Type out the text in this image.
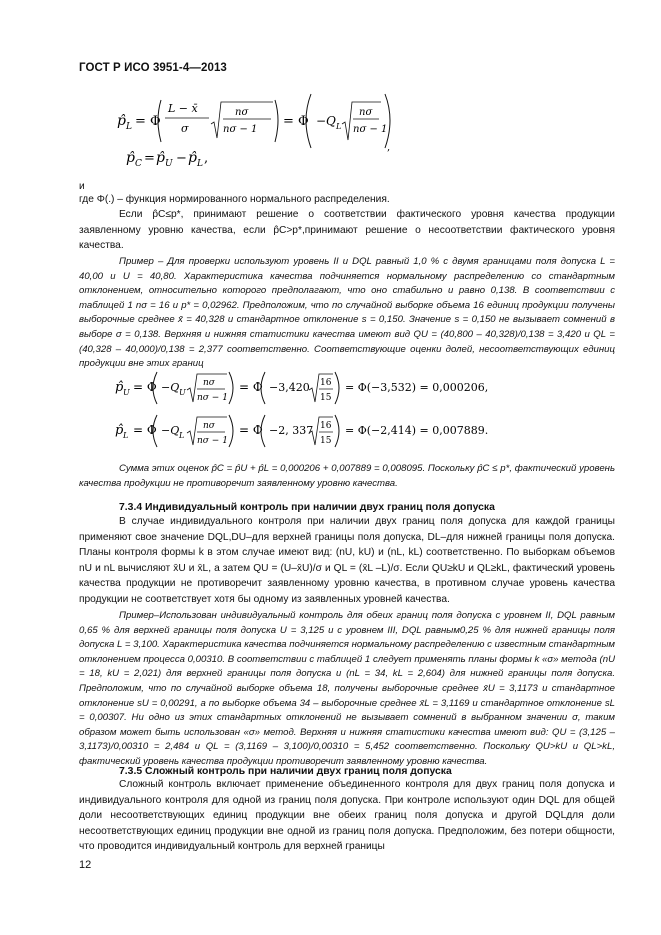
ГОСТ Р ИСО 3951-4—2013
p̂ L = Φ
L − x̄
σ
nσ
nσ − 1
= Φ −Q L
nσ
nσ − 1
,
p̂ C = p̂ U − p̂ L ,
и
где Φ(.) – функция нормированного нормального распределения.
Если p̂C≤p*, принимают решение о соответствии фактического уровня качества продукции заявленному уровню качества, если p̂C>p*,принимают решение о несоответствии фактического уровня качества.
Пример – Для проверки используют уровень II и DQL равный 1,0 % с двумя границами поля допуска L = 40,00 и U = 40,80. Характеристика качества подчиняется нормальному распределению со стандартным отклонением, относительно которого предполагают, что оно стабильно и равно 0,138. В соответствии с таблицей 1 nσ = 16 и p* = 0,02962. Предположим, что по случайной выборке объема 16 единиц продукции получены выборочные среднее x̄ = 40,328 и стандартное отклонение s = 0,150. Значение s = 0,150 не вызывает сомнений в выборе σ = 0,138. Верхняя и нижняя статистики качества имеют вид QU = (40,800 – 40,328)/0,138 = 3,420 и QL = (40,328 – 40,000)/0,138 = 2,377 соответственно. Соответствующие оценки долей, несоответствующих единиц продукции вне этих границ
p̂ U = Φ −Q U
nσ
nσ − 1
= Φ −3,420 16
15
= Φ(−3,532) = 0,000206,
p̂ L = Φ −Q L
nσ
nσ − 1
= Φ −2, 337 16
15
= Φ(−2,414) = 0,007889.
Сумма этих оценок p̂C = p̂U + p̂L = 0,000206 + 0,007889 = 0,008095. Поскольку p̂C ≤ p*, фактический уровень качества продукции не противоречит заявленному уровню качества.
7.3.4 Индивидуальный контроль при наличии двух границ поля допуска
В случае индивидуального контроля при наличии двух границ поля допуска для каждой границы применяют свое значение DQL,DU–для верхней границы поля допуска, DL–для нижней границы поля допуска. Планы контроля формы k в этом случае имеют вид: (nU, kU) и (nL, kL) соответственно. По выборкам объемов nU и nL вычисляют x̄U и x̄L, а затем QU = (U–x̄U)/σ и QL = (x̄L –L)/σ. Если QU≥kU и QL≥kL, фактический уровень качества продукции не противоречит заявленному уровню качества, в противном случае уровень качества продукции не соответствует хотя бы одному из заявленных уровней качества.
Пример–Использован индивидуальный контроль для обеих границ поля допуска с уровнем II, DQL равным 0,65 % для верхней границы поля допуска U = 3,125 и с уровнем III, DQL равным0,25 % для нижней границы поля допуска L = 3,100. Характеристика качества подчиняется нормальному распределению с известным стандартным отклонением процесса 0,00310. В соответствии с таблицей 1 следует применять планы формы k «σ» метода (nU = 18, kU = 2,021) для верхней границы поля допуска и (nL = 34, kL = 2,604) для нижней границы поля допуска. Предположим, что по случайной выборке объема 18, получены выборочные среднее x̄U = 3,1173 и стандартное отклонение sU = 0,00291, а по выборке объема 34 – выборочные среднее x̄L = 3,1169 и стандартное отклонение sL = 0,00307. Ни одно из этих стандартных отклонений не вызывает сомнений в выбранном значении σ, таким образом может быть использован «σ» метод. Верхняя и нижняя статистики качества имеют вид: QU = (3,125 – 3,1173)/0,00310 = 2,484 и QL = (3,1169 – 3,100)/0,00310 = 5,452 соответственно. Поскольку QU>kU и QL>kL, фактический уровень качества продукции противоречит заявленному уровню качества.
7.3.5 Сложный контроль при наличии двух границ поля допуска
Сложный контроль включает применение объединенного контроля для двух границ поля допуска и индивидуального контроля для одной из границ поля допуска. При контроле используют один DQL для общей доли несоответствующих единиц продукции вне обеих границ поля допуска и другой DQLдля доли несоответствующих единиц продукции вне одной из границ поля допуска. Предположим, без потери общности, что проводится индивидуальный контроль для верхней границы
12
